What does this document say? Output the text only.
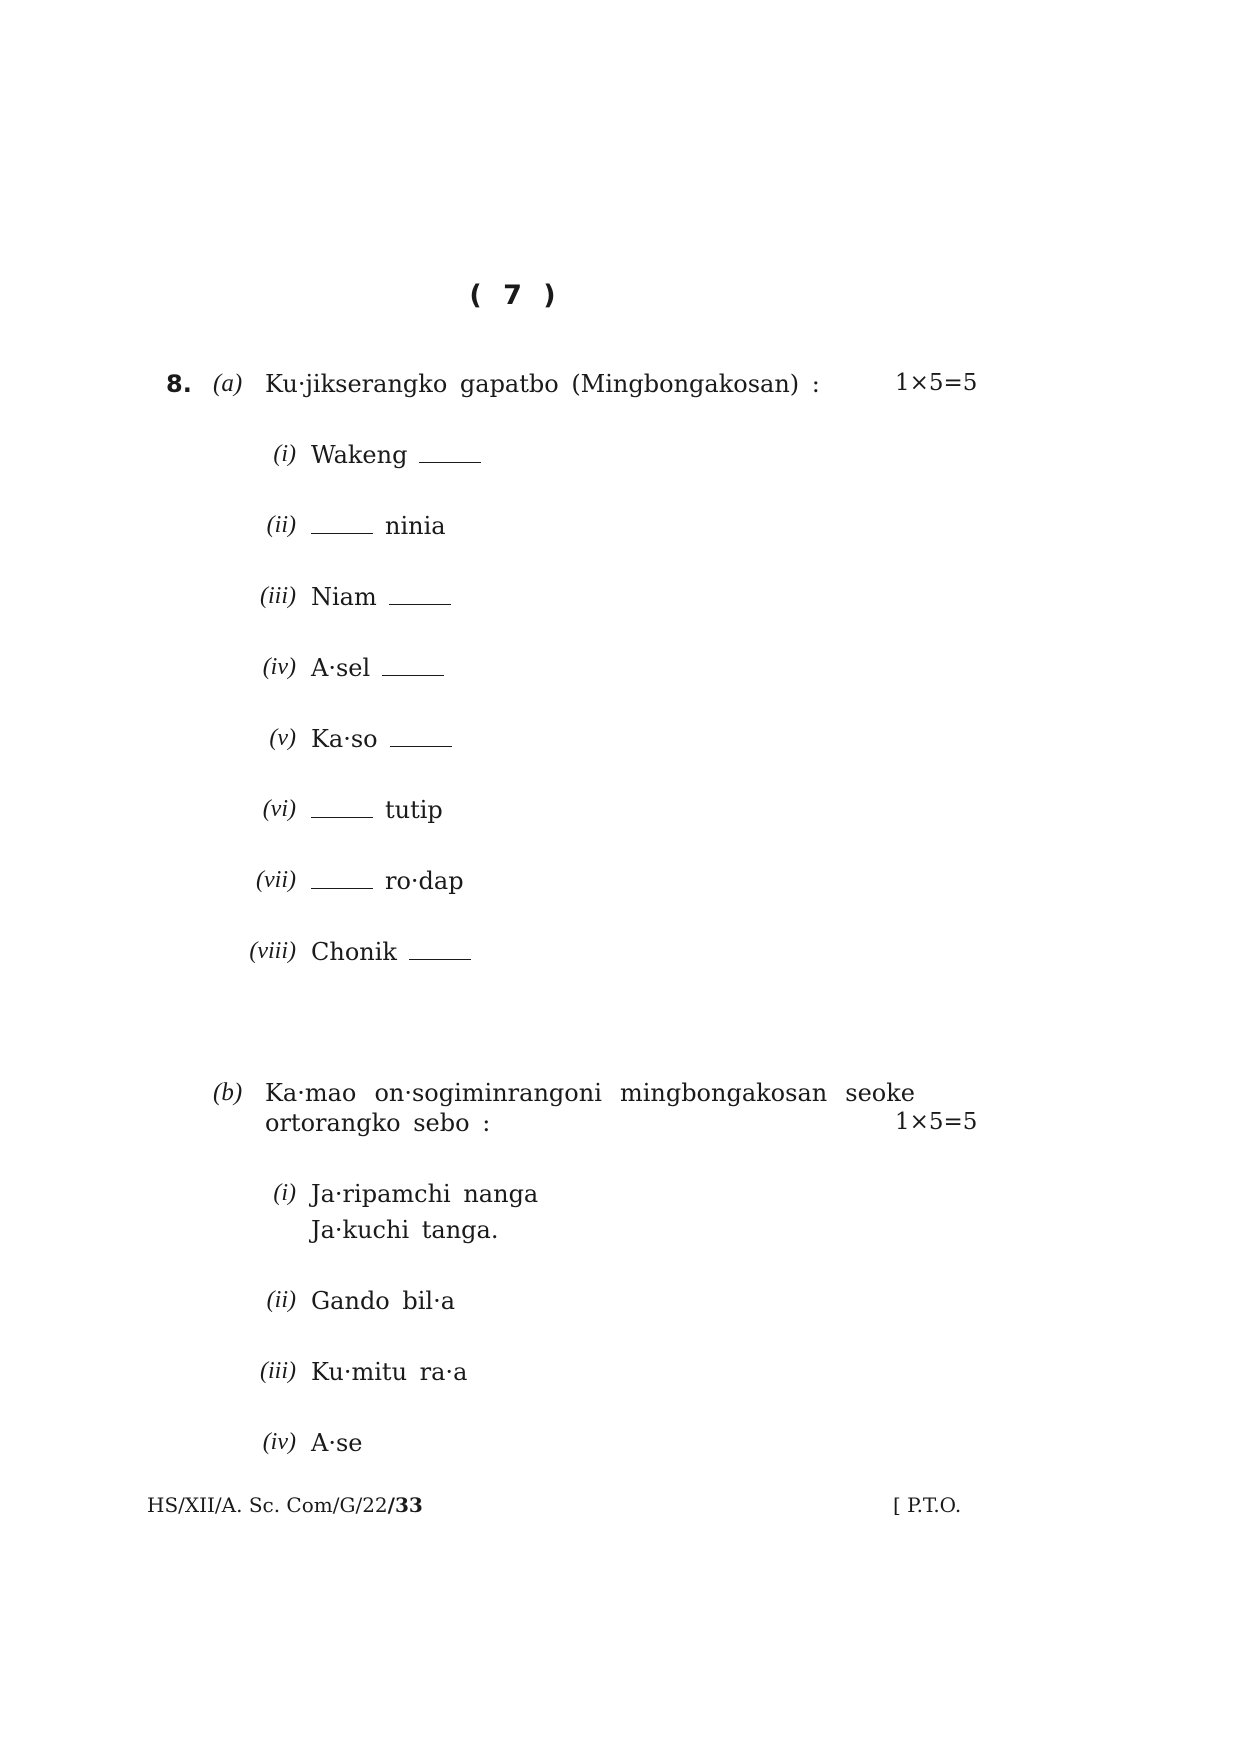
( 7 )
8. (a) Ku·jikserangko gapatbo (Mingbongakosan) :	1×5=5
(i) Wakeng
(ii)	ninia
(iii) Niam
(iv) A·sel
(v) Ka·so
(vi)	tutip
(vii)	ro·dap
(viii) Chonik
(b) Ka·mao on·sogiminrangoni mingbongakosan seoke
ortorangko sebo :	1×5=5
(i) Ja·ripamchi nanga
Ja·kuchi tanga.
(ii) Gando bil·a
(iii) Ku·mitu ra·a
(iv) A·se
HS/XII/A. Sc. Com/G/22/33	[ P.T.O.
